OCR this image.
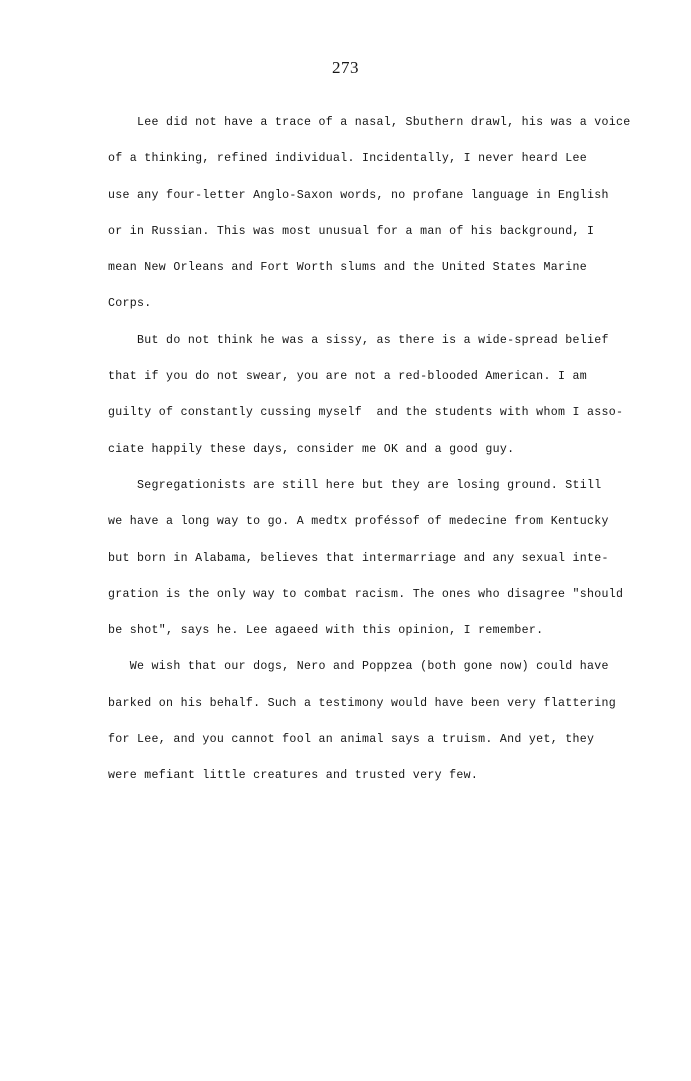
273
Lee did not have a trace of a nasal, Sbuthern drawl, his was a voice
of a thinking, refined individual. Incidentally, I never heard Lee
use any four-letter Anglo-Saxon words, no profane language in English
or in Russian. This was most unusual for a man of his background, I
mean New Orleans and Fort Worth slums and the United States Marine
Corps.
But do not think he was a sissy, as there is a wide-spread belief
that if you do not swear, you are not a red-blooded American. I am
guilty of constantly cussing myself  and the students with whom I asso-
ciate happily these days, consider me OK and a good guy.
Segregationists are still here but they are losing ground. Still
we have a long way to go. A medtx proféssof of medecine from Kentucky
but born in Alabama, believes that intermarriage and any sexual inte-
gration is the only way to combat racism. The ones who disagree "should
be shot", says he. Lee agaeed with this opinion, I remember.
We wish that our dogs, Nero and Poppzea (both gone now) could have
barked on his behalf. Such a testimony would have been very flattering
for Lee, and you cannot fool an animal says a truism. And yet, they
were mefiant little creatures and trusted very few.
